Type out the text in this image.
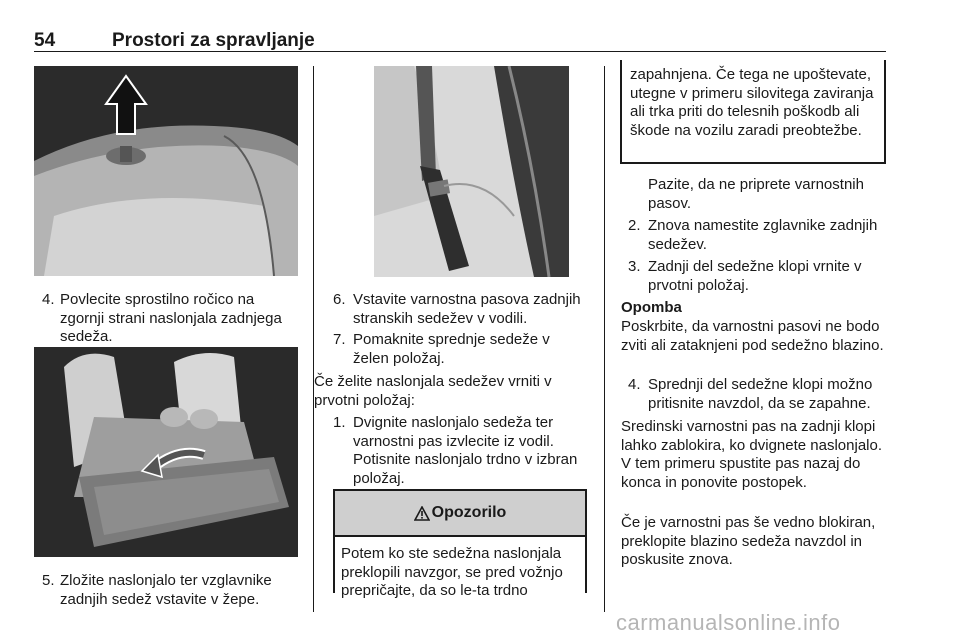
54	Prostori za spravljanje
4. Povlecite sprostilno ročico na zgornji strani naslonjala zadnjega sedeža.
5. Zložite naslonjalo ter vzglavnike zadnjih sedež vstavite v žepe.
6. Vstavite varnostna pasova zadnjih stranskih sedežev v vodili.
7. Pomaknite sprednje sedeže v želen položaj.
Če želite naslonjala sedežev vrniti v prvotni položaj:
1. Dvignite naslonjalo sedeža ter varnostni pas izvlecite iz vodil. Potisnite naslonjalo trdno v izbran položaj.
Opozorilo
Potem ko ste sedežna naslonjala preklopili navzgor, se pred vožnjo prepričajte, da so le-ta trdno
zapahnjena. Če tega ne upoštevate, utegne v primeru silovitega zaviranja ali trka priti do telesnih poškodb ali škode na vozilu zaradi preobtežbe.
Pazite, da ne priprete varnostnih pasov.
2. Znova namestite zglavnike zadnjih sedežev.
3. Zadnji del sedežne klopi vrnite v prvotni položaj.
Opomba
Poskrbite, da varnostni pasovi ne bodo zviti ali zataknjeni pod sedežno blazino.
4. Sprednji del sedežne klopi možno pritisnite navzdol, da se zapahne.
Sredinski varnostni pas na zadnji klopi lahko zablokira, ko dvignete naslonjalo. V tem primeru spustite pas nazaj do konca in ponovite postopek.
Če je varnostni pas še vedno blokiran, preklopite blazino sedeža navzdol in poskusite znova.
carmanualsonline.info
